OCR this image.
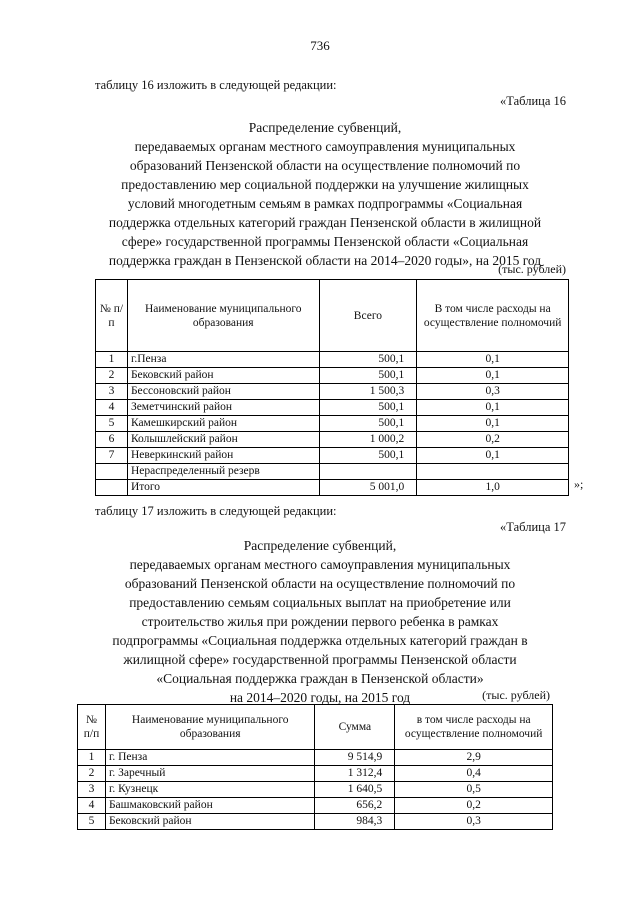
736
таблицу 16 изложить в следующей редакции:
«Таблица 16
Распределение субвенций,
передаваемых органам местного самоуправления муниципальных
образований Пензенской области на осуществление полномочий по
предоставлению мер социальной поддержки на улучшение жилищных
условий многодетным семьям в рамках подпрограммы «Социальная
поддержка отдельных категорий граждан Пензенской области в жилищной
сфере» государственной программы Пензенской области «Социальная
поддержка граждан в Пензенской области на 2014–2020 годы», на 2015 год
(тыс. рублей)
№ п/п	Наименование муниципального образования	Всего	В том числе расходы на осуществление полномочий
1	г.Пенза	500,1	0,1
2	Бековский район	500,1	0,1
3	Бессоновский район	1 500,3	0,3
4	Земетчинский район	500,1	0,1
5	Камешкирский район	500,1	0,1
6	Колышлейский район	1 000,2	0,2
7	Неверкинский район	500,1	0,1
	Нераспределенный резерв		
	Итого	5 001,0	1,0	»;
таблицу 17 изложить в следующей редакции:
«Таблица 17
Распределение субвенций,
передаваемых органам местного самоуправления муниципальных
образований Пензенской области на осуществление полномочий по
предоставлению семьям социальных выплат на приобретение или
строительство жилья при рождении первого ребенка в рамках
подпрограммы «Социальная поддержка отдельных категорий граждан в
жилищной сфере» государственной программы Пензенской области
«Социальная поддержка граждан в Пензенской области»
на 2014–2020 годы, на 2015 год	(тыс. рублей)
№ п/п	Наименование муниципального образования	Сумма	в том числе расходы на осуществление полномочий
1	г. Пенза	9 514,9	2,9
2	г. Заречный	1 312,4	0,4
3	г. Кузнецк	1 640,5	0,5
4	Башмаковский район	656,2	0,2
5	Бековский район	984,3	0,3
